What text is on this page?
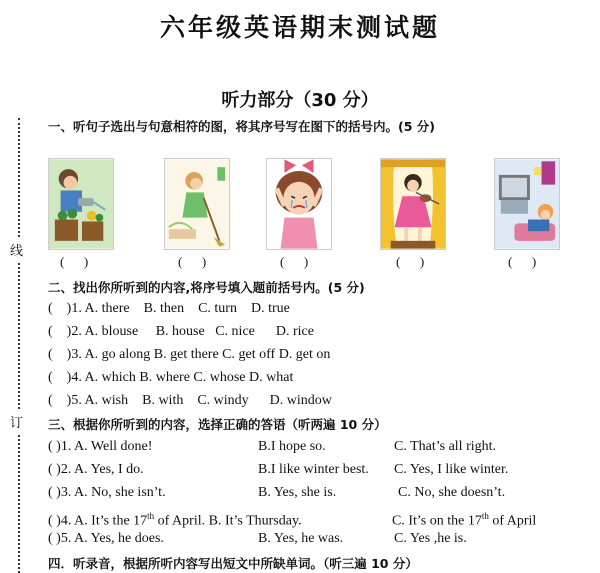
六年级英语期末测试题
听力部分（30 分）
线
订
一、听句子选出与句意相符的图，将其序号写在图下的括号内。(5 分)
(      )	(      )	(      )	(      )	(      )
二、找出你所听到的内容,将序号填入题前括号内。(5 分)
(    )1. A. there    B. then    C. turn    D. true
(    )2. A. blouse     B. house   C. nice      D. rice
(    )3. A. go along B. get there C. get off D. get on
(    )4. A. which B. where C. whose D. what
(    )5. A. wish    B. with    C. windy      D. window
三、根据你所听到的内容，选择正确的答语（听两遍 10 分）
( )1. A. Well done!	B.I hope so.	C. That’s all right.
( )2. A. Yes, I do.	B.I like winter best. C. Yes, I like winter.
( )3. A. No, she isn’t.	B. Yes, she is.	C. No, she doesn’t.
( )4. A. It’s the 17th of April. B. It’s Thursday.	C. It’s on the 17th of April
( )5. A. Yes, he does.	B. Yes, he was.	C. Yes ,he is.
四．听录音，根据所听内容写出短文中所缺单词。（听三遍 10 分）
